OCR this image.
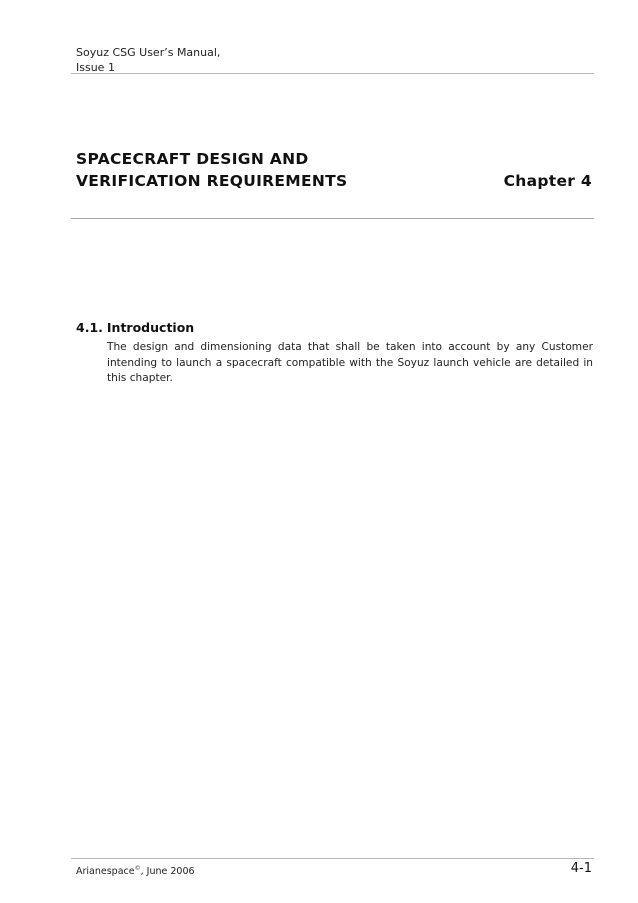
Soyuz CSG User’s Manual,
Issue 1
SPACECRAFT DESIGN AND
VERIFICATION REQUIREMENTS	Chapter 4
4.1. Introduction
The design and dimensioning data that shall be taken into account by any Customer intending to launch a spacecraft compatible with the Soyuz launch vehicle are detailed in this chapter.
Arianespace©, June 2006	4-1
